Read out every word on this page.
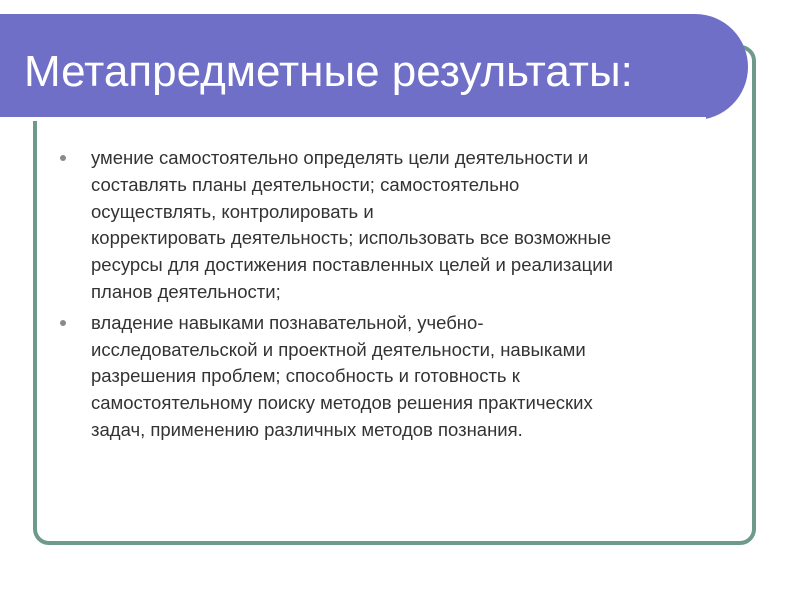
Метапредметные результаты:
умение самостоятельно определять цели деятельности и
составлять планы деятельности; самостоятельно
осуществлять, контролировать и
корректировать деятельность; использовать все возможные
ресурсы для достижения поставленных целей и реализации
планов деятельности;
владение навыками познавательной, учебно-
исследовательской и проектной деятельности, навыками
разрешения проблем; способность и готовность к
самостоятельному поиску методов решения практических
задач, применению различных методов познания.
